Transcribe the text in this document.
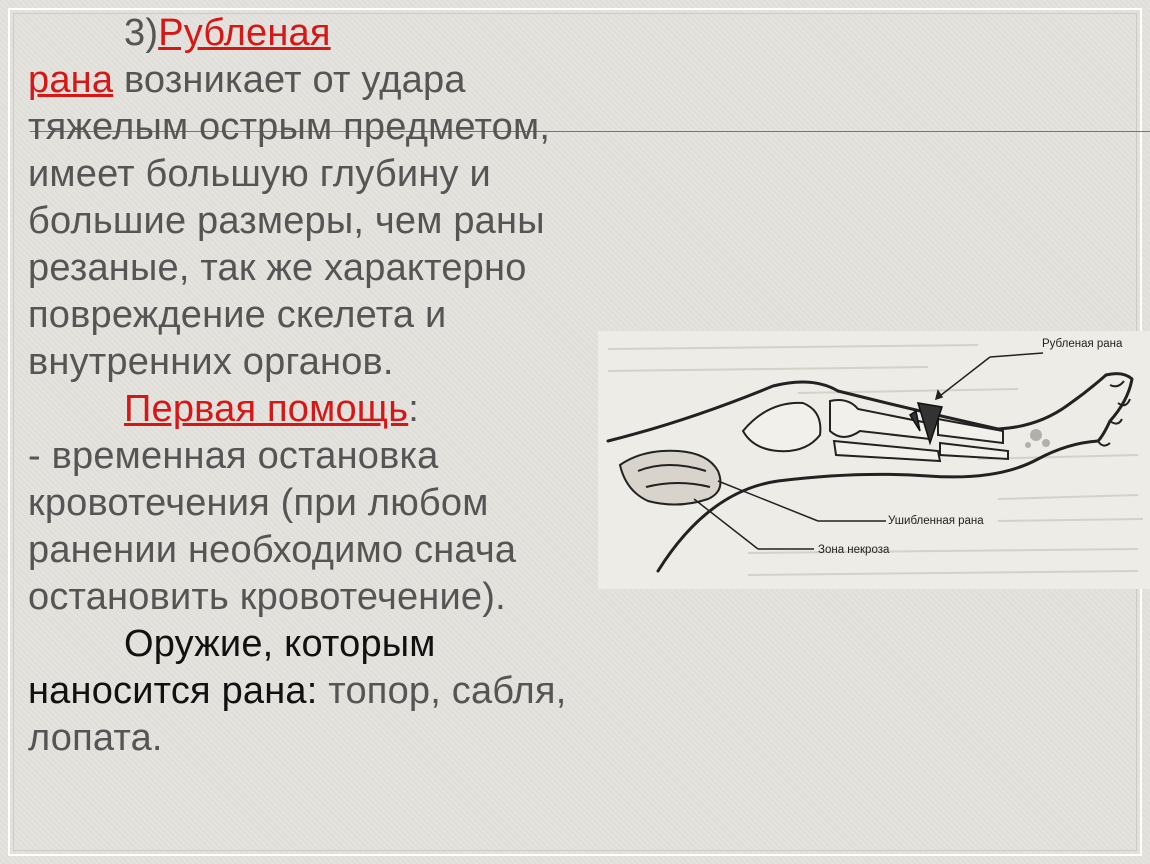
3)Рубленая

рана возникает от удара

тяжелым острым предметом,

имеет большую глубину и

большие размеры, чем раны

резаные, так же характерно

повреждение скелета и

внутренних органов.

Первая помощь:

- временная остановка

кровотечения (при любом

ранении необходимо снача

остановить кровотечение).

Оружие, которым

наносится рана: топор, сабля,

лопата.

Рубленая рана
Ушибленная рана
Зона некроза
